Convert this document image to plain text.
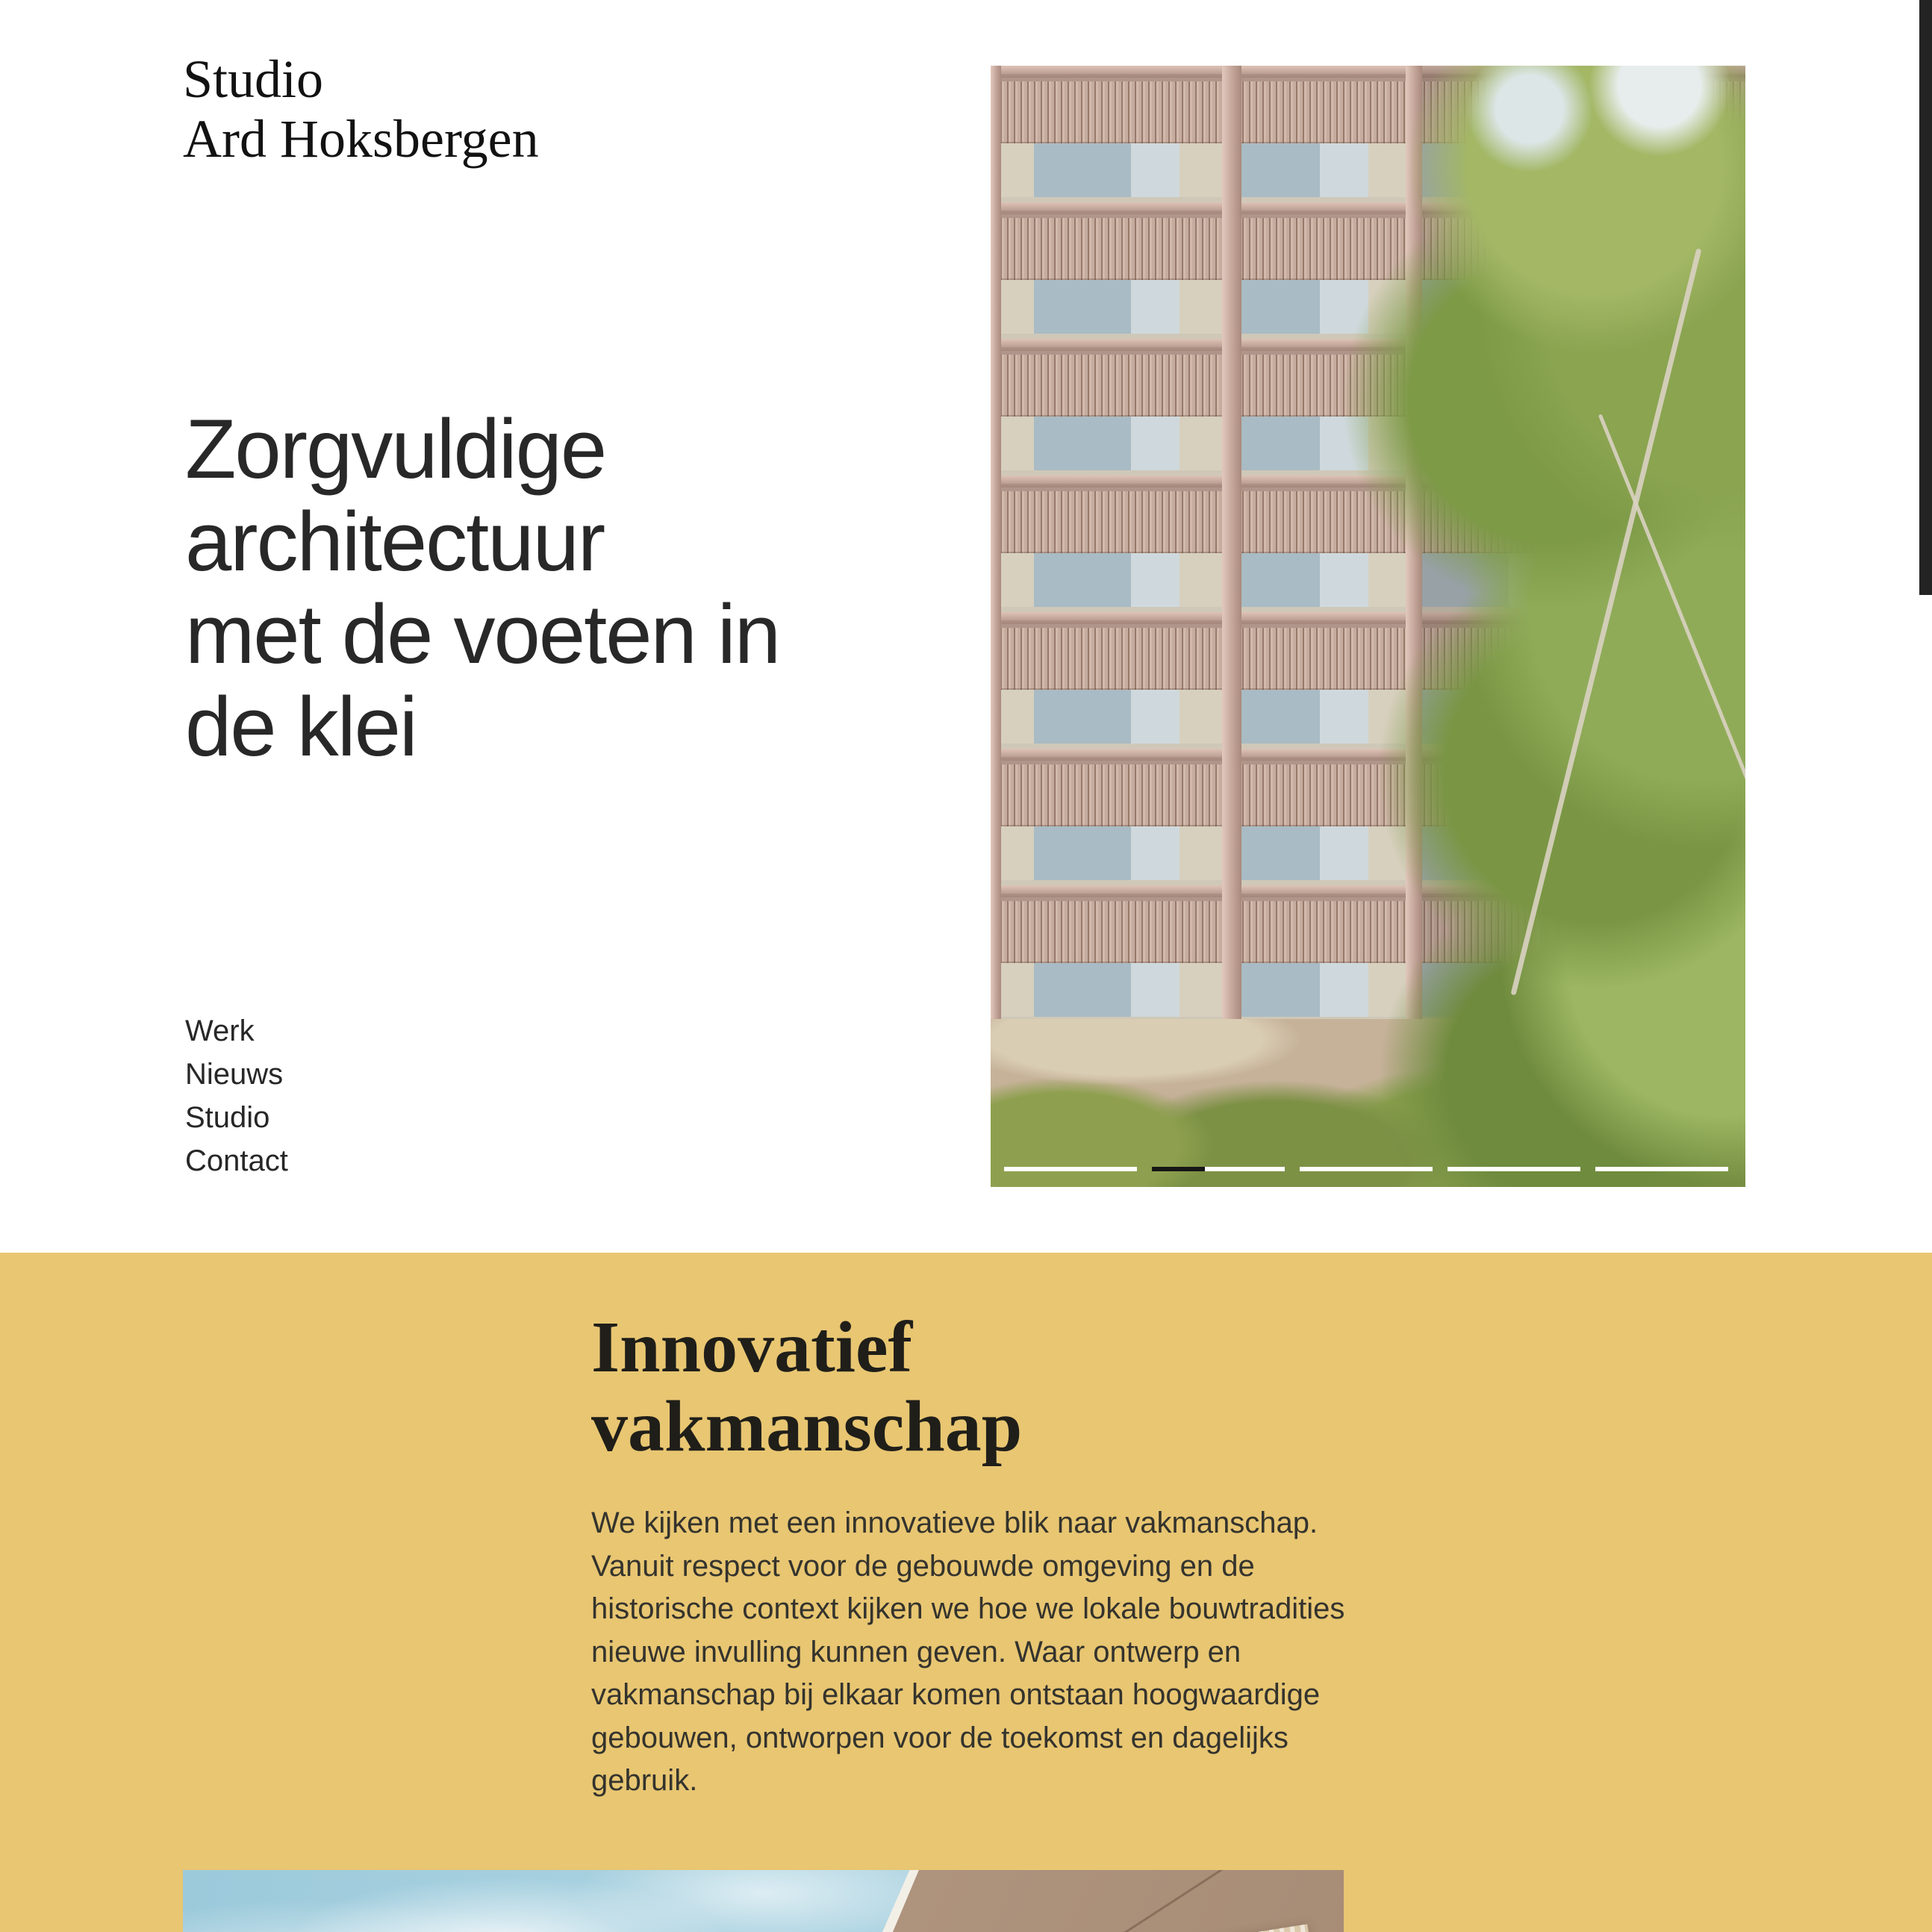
Studio
Ard Hoksbergen
Zorgvuldige
architectuur
met de voeten in
de klei
Werk
Nieuws
Studio
Contact
Innovatief
vakmanschap

We kijken met een innovatieve blik naar vakmanschap. Vanuit respect voor de gebouwde omgeving en de historische context kijken we hoe we lokale bouwtradities nieuwe invulling kunnen geven. Waar ontwerp en vakmanschap bij elkaar komen ontstaan hoogwaardige gebouwen, ontworpen voor de toekomst en dagelijks gebruik.
